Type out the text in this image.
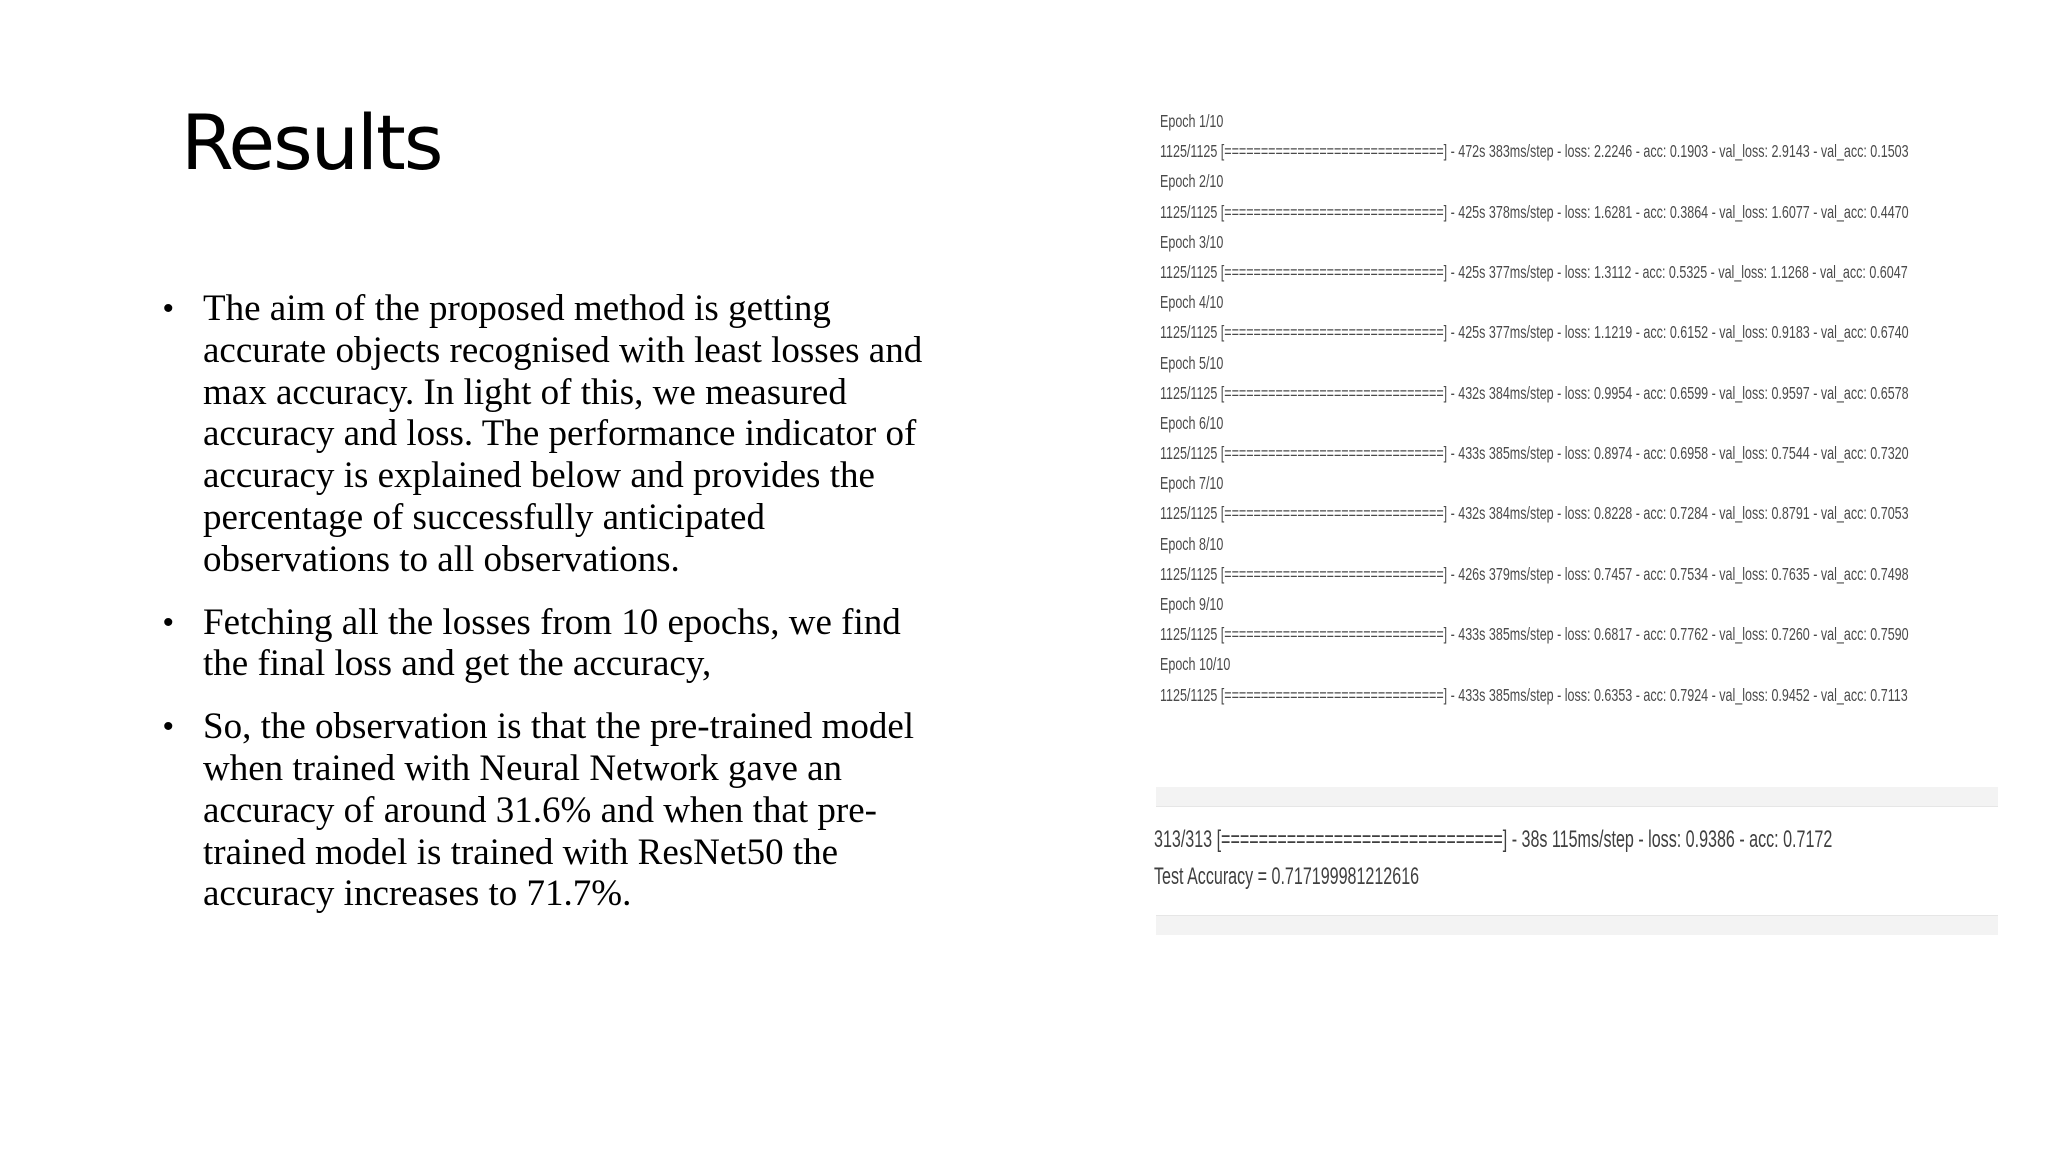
Results
• The aim of the proposed method is getting
accurate objects recognised with least losses and
max accuracy. In light of this, we measured
accuracy and loss. The performance indicator of
accuracy is explained below and provides the
percentage of successfully anticipated
observations to all observations.
• Fetching all the losses from 10 epochs, we find
the final loss and get the accuracy,
• So, the observation is that the pre-trained model
when trained with Neural Network gave an
accuracy of around 31.6% and when that pre-
trained model is trained with ResNet50 the
accuracy increases to 71.7%.
Epoch 1/10
1125/1125 [==============================] - 472s 383ms/step - loss: 2.2246 - acc: 0.1903 - val_loss: 2.9143 - val_acc: 0.1503
Epoch 2/10
1125/1125 [==============================] - 425s 378ms/step - loss: 1.6281 - acc: 0.3864 - val_loss: 1.6077 - val_acc: 0.4470
Epoch 3/10
1125/1125 [==============================] - 425s 377ms/step - loss: 1.3112 - acc: 0.5325 - val_loss: 1.1268 - val_acc: 0.6047
Epoch 4/10
1125/1125 [==============================] - 425s 377ms/step - loss: 1.1219 - acc: 0.6152 - val_loss: 0.9183 - val_acc: 0.6740
Epoch 5/10
1125/1125 [==============================] - 432s 384ms/step - loss: 0.9954 - acc: 0.6599 - val_loss: 0.9597 - val_acc: 0.6578
Epoch 6/10
1125/1125 [==============================] - 433s 385ms/step - loss: 0.8974 - acc: 0.6958 - val_loss: 0.7544 - val_acc: 0.7320
Epoch 7/10
1125/1125 [==============================] - 432s 384ms/step - loss: 0.8228 - acc: 0.7284 - val_loss: 0.8791 - val_acc: 0.7053
Epoch 8/10
1125/1125 [==============================] - 426s 379ms/step - loss: 0.7457 - acc: 0.7534 - val_loss: 0.7635 - val_acc: 0.7498
Epoch 9/10
1125/1125 [==============================] - 433s 385ms/step - loss: 0.6817 - acc: 0.7762 - val_loss: 0.7260 - val_acc: 0.7590
Epoch 10/10
1125/1125 [==============================] - 433s 385ms/step - loss: 0.6353 - acc: 0.7924 - val_loss: 0.9452 - val_acc: 0.7113
313/313 [==============================] - 38s 115ms/step - loss: 0.9386 - acc: 0.7172
Test Accuracy = 0.717199981212616
